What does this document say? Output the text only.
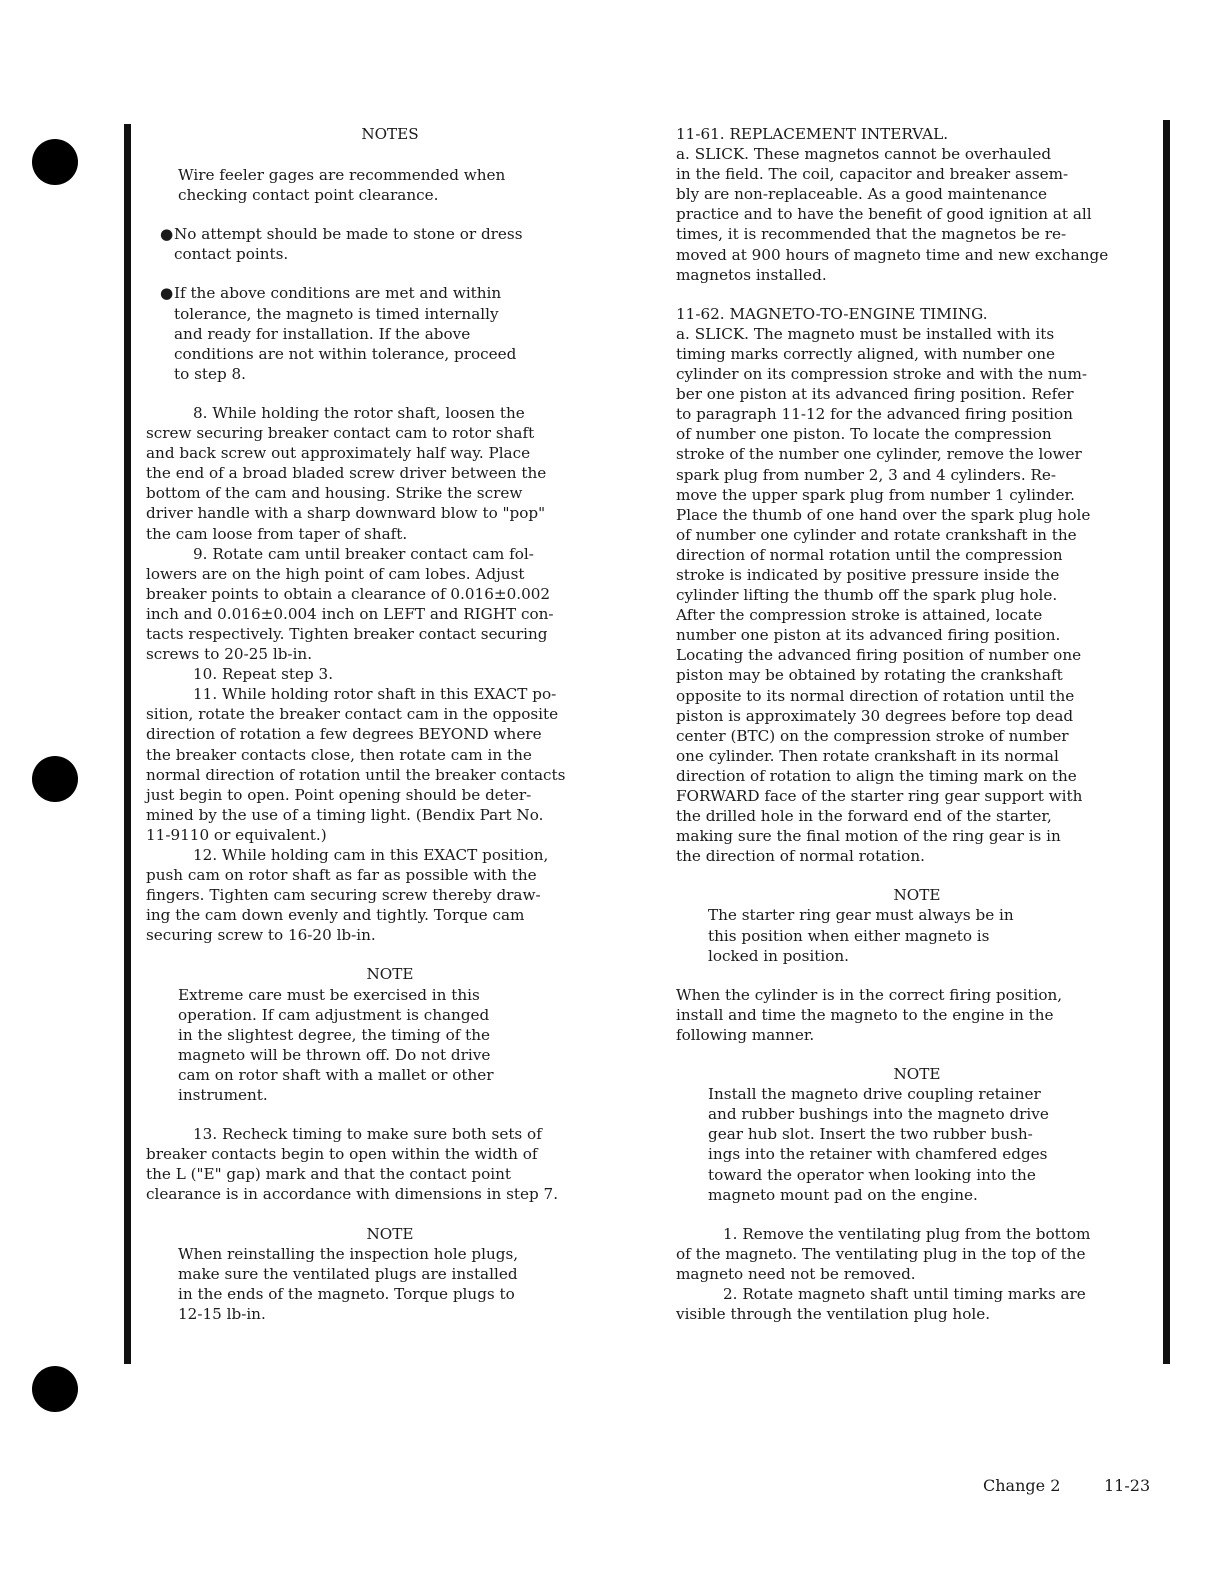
NOTES

Wire feeler gages are recommended when

checking contact point clearance.

● No attempt should be made to stone or dress

contact points.

● If the above conditions are met and within

tolerance, the magneto is timed internally

and ready for installation. If the above

conditions are not within tolerance, proceed

to step 8.

8. While holding the rotor shaft, loosen the

screw securing breaker contact cam to rotor shaft

and back screw out approximately half way. Place

the end of a broad bladed screw driver between the

bottom of the cam and housing. Strike the screw

driver handle with a sharp downward blow to "pop"

the cam loose from taper of shaft.

9. Rotate cam until breaker contact cam fol-

lowers are on the high point of cam lobes. Adjust

breaker points to obtain a clearance of 0.016±0.002

inch and 0.016±0.004 inch on LEFT and RIGHT con-

tacts respectively. Tighten breaker contact securing

screws to 20-25 lb-in.

10. Repeat step 3.

11. While holding rotor shaft in this EXACT po-

sition, rotate the breaker contact cam in the opposite

direction of rotation a few degrees BEYOND where

the breaker contacts close, then rotate cam in the

normal direction of rotation until the breaker contacts

just begin to open. Point opening should be deter-

mined by the use of a timing light. (Bendix Part No.

11-9110 or equivalent.)

12. While holding cam in this EXACT position,

push cam on rotor shaft as far as possible with the

fingers. Tighten cam securing screw thereby draw-

ing the cam down evenly and tightly. Torque cam

securing screw to 16-20 lb-in.

NOTE

Extreme care must be exercised in this

operation. If cam adjustment is changed

in the slightest degree, the timing of the

magneto will be thrown off. Do not drive

cam on rotor shaft with a mallet or other

instrument.

13. Recheck timing to make sure both sets of

breaker contacts begin to open within the width of

the L ("E" gap) mark and that the contact point

clearance is in accordance with dimensions in step 7.

NOTE

When reinstalling the inspection hole plugs,

make sure the ventilated plugs are installed

in the ends of the magneto. Torque plugs to

12-15 lb-in.

11-61. REPLACEMENT INTERVAL.

a. SLICK. These magnetos cannot be overhauled

in the field. The coil, capacitor and breaker assem-

bly are non-replaceable. As a good maintenance

practice and to have the benefit of good ignition at all

times, it is recommended that the magnetos be re-

moved at 900 hours of magneto time and new exchange

magnetos installed.

11-62. MAGNETO-TO-ENGINE TIMING.

a. SLICK. The magneto must be installed with its

timing marks correctly aligned, with number one

cylinder on its compression stroke and with the num-

ber one piston at its advanced firing position. Refer

to paragraph 11-12 for the advanced firing position

of number one piston. To locate the compression

stroke of the number one cylinder, remove the lower

spark plug from number 2, 3 and 4 cylinders. Re-

move the upper spark plug from number 1 cylinder.

Place the thumb of one hand over the spark plug hole

of number one cylinder and rotate crankshaft in the

direction of normal rotation until the compression

stroke is indicated by positive pressure inside the

cylinder lifting the thumb off the spark plug hole.

After the compression stroke is attained, locate

number one piston at its advanced firing position.

Locating the advanced firing position of number one

piston may be obtained by rotating the crankshaft

opposite to its normal direction of rotation until the

piston is approximately 30 degrees before top dead

center (BTC) on the compression stroke of number

one cylinder. Then rotate crankshaft in its normal

direction of rotation to align the timing mark on the

FORWARD face of the starter ring gear support with

the drilled hole in the forward end of the starter,

making sure the final motion of the ring gear is in

the direction of normal rotation.

NOTE

The starter ring gear must always be in

this position when either magneto is

locked in position.

When the cylinder is in the correct firing position,

install and time the magneto to the engine in the

following manner.

NOTE

Install the magneto drive coupling retainer

and rubber bushings into the magneto drive

gear hub slot. Insert the two rubber bush-

ings into the retainer with chamfered edges

toward the operator when looking into the

magneto mount pad on the engine.

1. Remove the ventilating plug from the bottom

of the magneto. The ventilating plug in the top of the

magneto need not be removed.

2. Rotate magneto shaft until timing marks are

visible through the ventilation plug hole.

Change 2	11-23
